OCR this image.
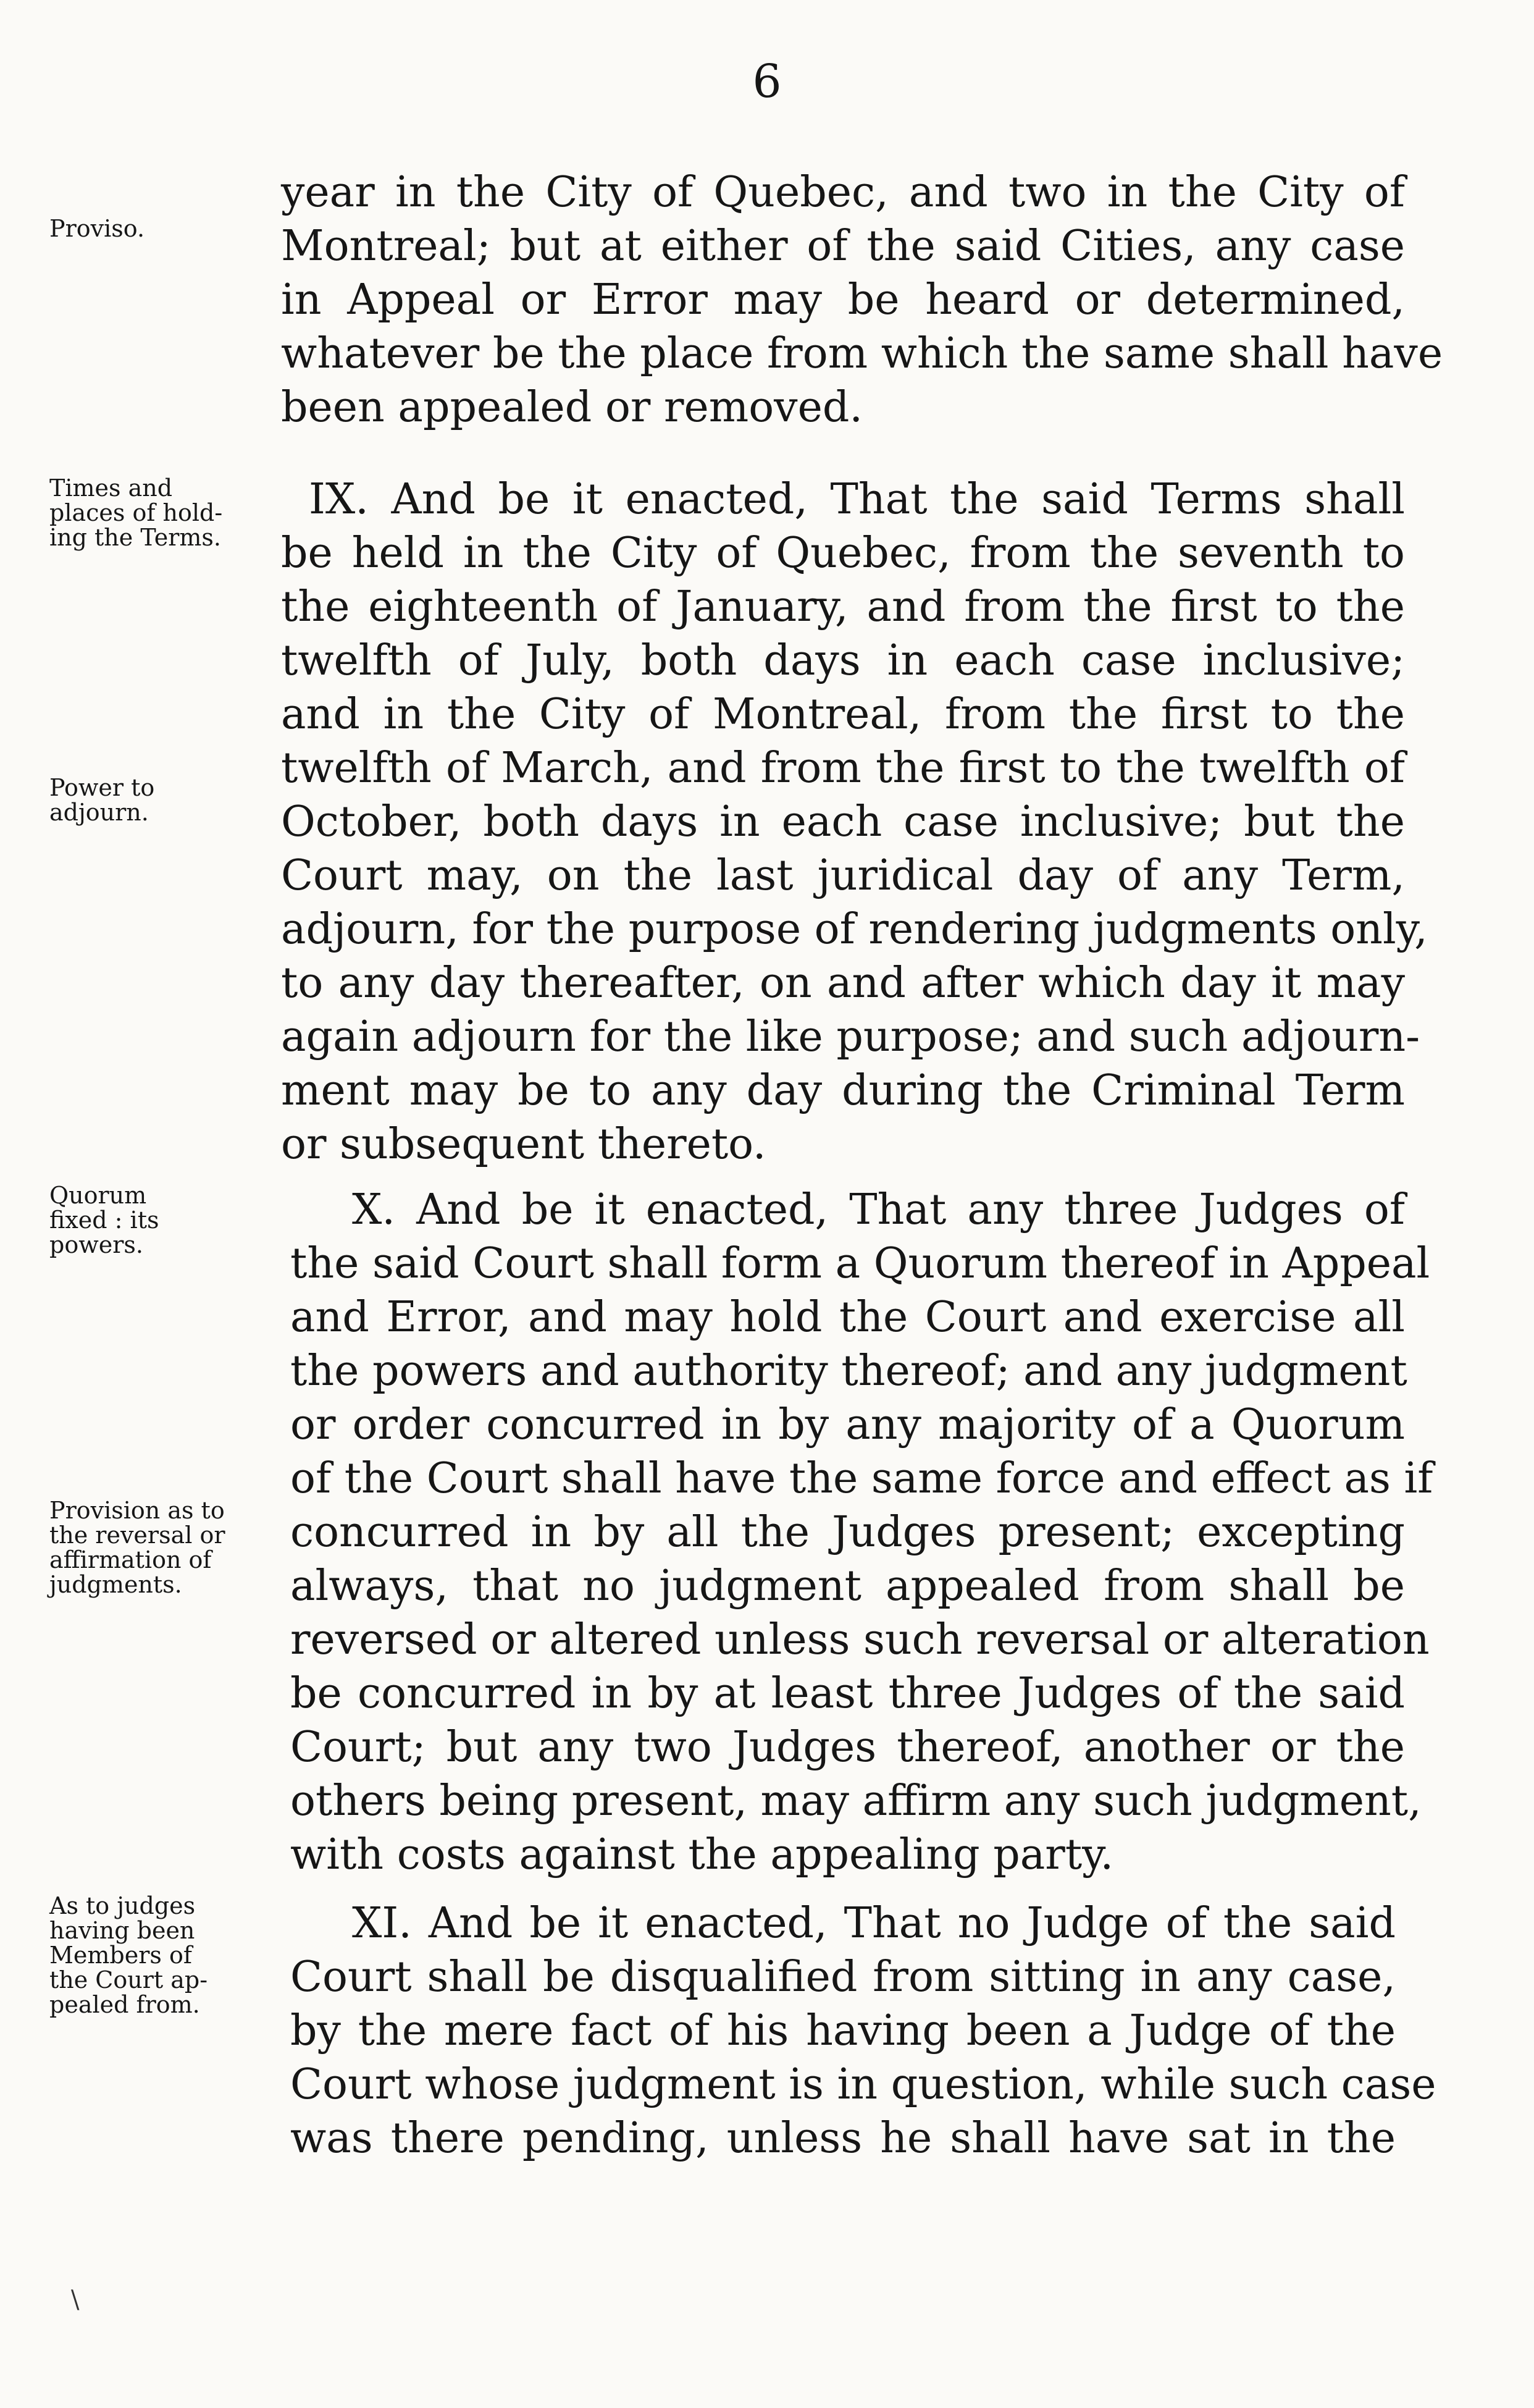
6
Proviso.
Times and
places of hold-
ing the Terms.
Power to
adjourn.
Quorum
fixed : its
powers.
Provision as to
the reversal or
affirmation of
judgments.
As to judges
having been
Members of
the Court ap-
pealed from.
year in the City of Quebec, and two in the City of
Montreal; but at either of the said Cities, any case
in Appeal or Error may be heard or determined,
whatever be the place from which the same shall have
been appealed or removed.
IX. And be it enacted, That the said Terms shall
be held in the City of Quebec, from the seventh to
the eighteenth of January, and from the first to the
twelfth of July, both days in each case inclusive;
and in the City of Montreal, from the first to the
twelfth of March, and from the first to the twelfth of
October, both days in each case inclusive; but the
Court may, on the last juridical day of any Term,
adjourn, for the purpose of rendering judgments only,
to any day thereafter, on and after which day it may
again adjourn for the like purpose; and such adjourn-
ment may be to any day during the Criminal Term
or subsequent thereto.
X. And be it enacted, That any three Judges of
the said Court shall form a Quorum thereof in Appeal
and Error, and may hold the Court and exercise all
the powers and authority thereof; and any judgment
or order concurred in by any majority of a Quorum
of the Court shall have the same force and effect as if
concurred in by all the Judges present; excepting
always, that no judgment appealed from shall be
reversed or altered unless such reversal or alteration
be concurred in by at least three Judges of the said
Court; but any two Judges thereof, another or the
others being present, may affirm any such judgment,
with costs against the appealing party.
XI. And be it enacted, That no Judge of the said
Court shall be disqualified from sitting in any case,
by the mere fact of his having been a Judge of the
Court whose judgment is in question, while such case
was there pending, unless he shall have sat in the
\
